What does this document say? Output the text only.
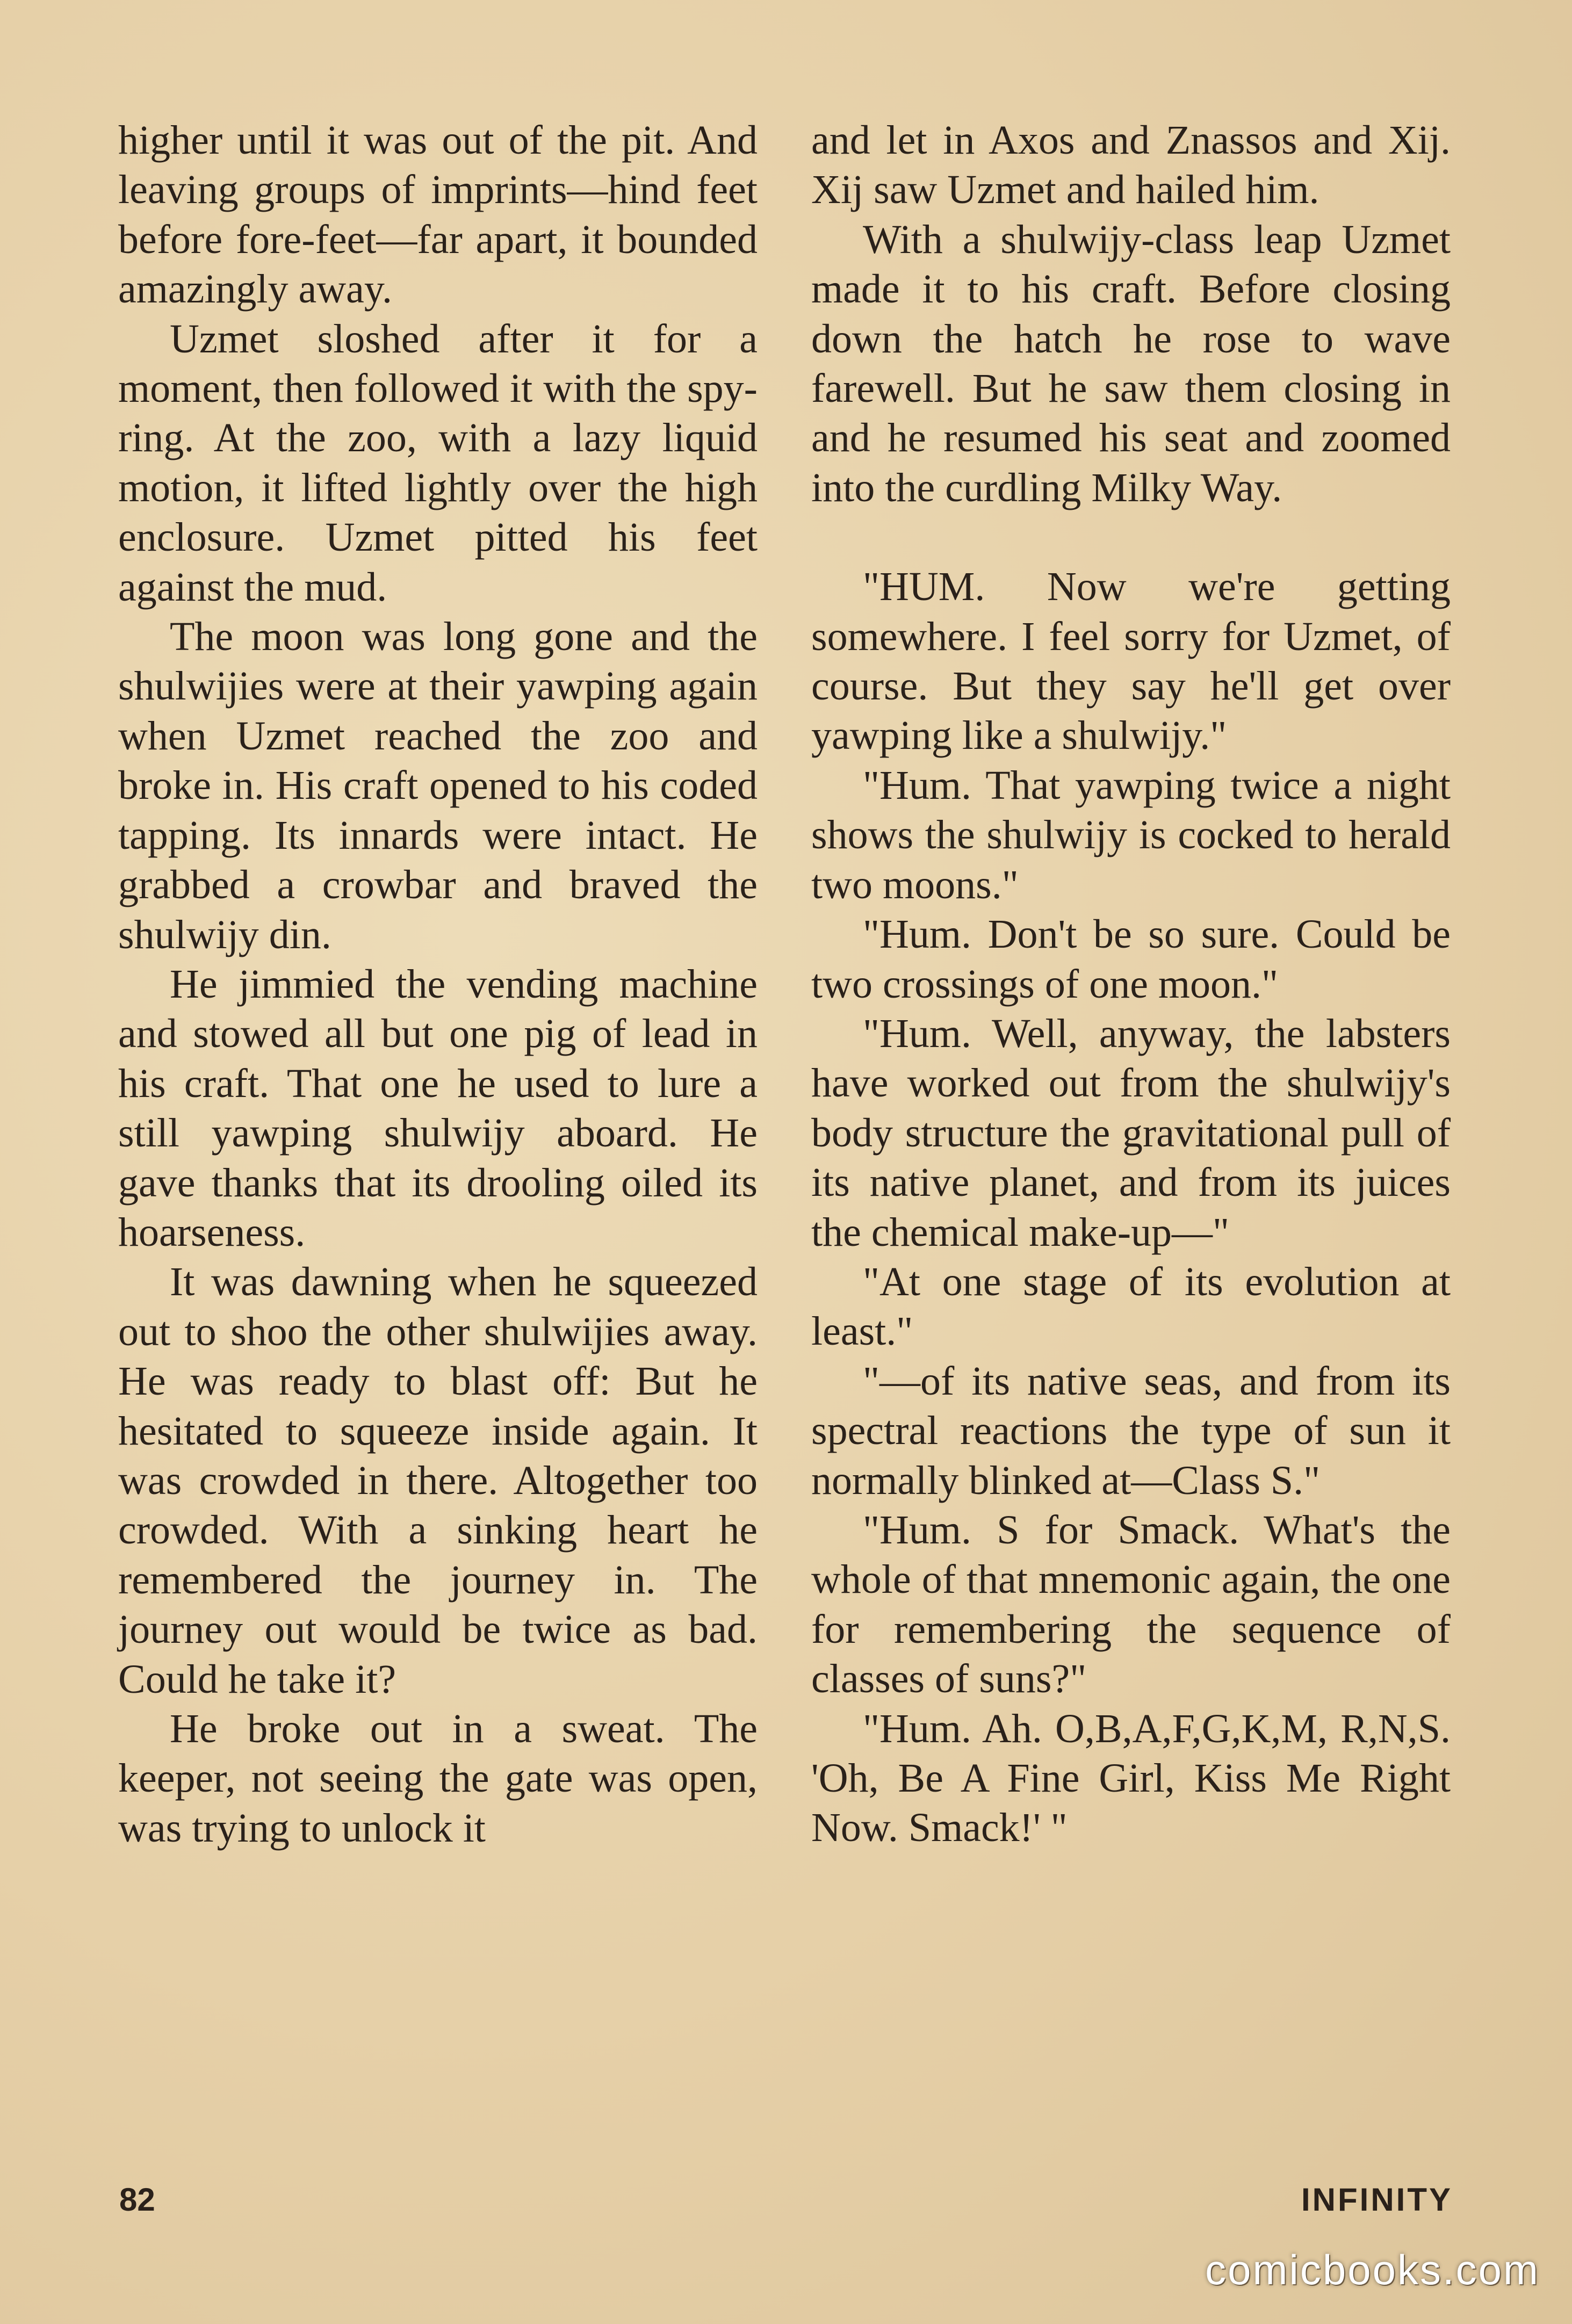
higher until it was out of the pit. And leaving groups of imprints—hind feet before fore-feet—far apart, it bounded amazingly away.

Uzmet sloshed after it for a moment, then followed it with the spy-ring. At the zoo, with a lazy liquid motion, it lifted lightly over the high enclosure. Uzmet pitted his feet against the mud.

The moon was long gone and the shulwijies were at their yawping again when Uzmet reached the zoo and broke in. His craft opened to his coded tapping. Its innards were intact. He grabbed a crowbar and braved the shulwijy din.

He jimmied the vending machine and stowed all but one pig of lead in his craft. That one he used to lure a still yawping shulwijy aboard. He gave thanks that its drooling oiled its hoarseness.

It was dawning when he squeezed out to shoo the other shulwijies away. He was ready to blast off: But he hesitated to squeeze inside again. It was crowded in there. Altogether too crowded. With a sinking heart he remembered the journey in. The journey out would be twice as bad. Could he take it?

He broke out in a sweat. The keeper, not seeing the gate was open, was trying to unlock it

and let in Axos and Znassos and Xij. Xij saw Uzmet and hailed him.

With a shulwijy-class leap Uzmet made it to his craft. Before closing down the hatch he rose to wave farewell. But he saw them closing in and he resumed his seat and zoomed into the curdling Milky Way.

"HUM. Now we're getting somewhere. I feel sorry for Uzmet, of course. But they say he'll get over yawping like a shulwijy."

"Hum. That yawping twice a night shows the shulwijy is cocked to herald two moons."

"Hum. Don't be so sure. Could be two crossings of one moon."

"Hum. Well, anyway, the labsters have worked out from the shulwijy's body structure the gravitational pull of its native planet, and from its juices the chemical make-up—"

"At one stage of its evolution at least."

"—of its native seas, and from its spectral reactions the type of sun it normally blinked at—Class S."

"Hum. S for Smack. What's the whole of that mnemonic again, the one for remembering the sequence of classes of suns?"

"Hum. Ah. O,B,A,F,G,K,M, R,N,S. 'Oh, Be A Fine Girl, Kiss Me Right Now. Smack!' "

82	INFINITY
comicbooks.com
